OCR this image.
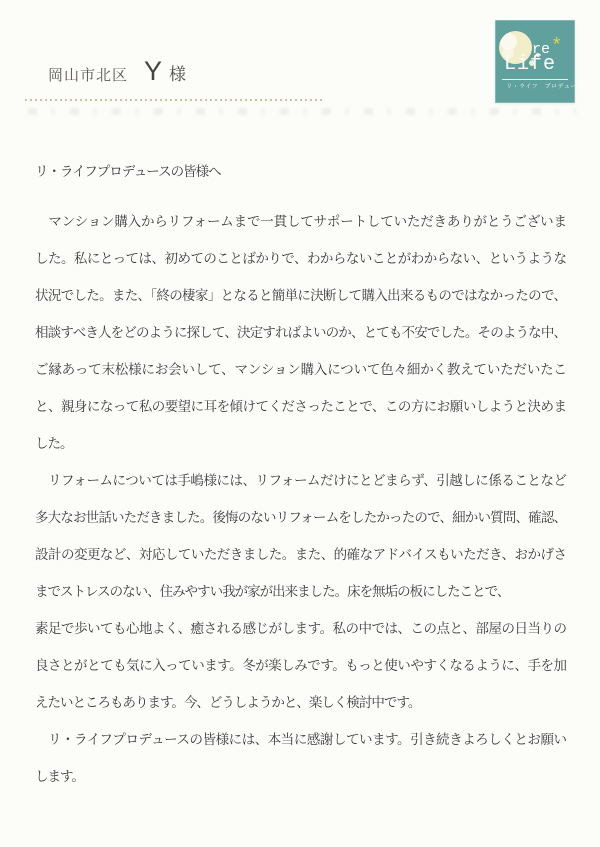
岡山市北区 Y 様
re*
Life
リ・ライフ　プロデュース
リ・ライフプロデュースの皆様へ
　マンション購入からリフォームまで一貫してサポートしていただきありがとうございま
した。私にとっては、初めてのことばかりで、わからないことがわからない、というような
状況でした。また、「終の棲家」となると簡単に決断して購入出来るものではなかったので、
相談すべき人をどのように探して、決定すればよいのか、とても不安でした。そのような中、
ご縁あって末松様にお会いして、マンション購入について色々細かく教えていただいたこ
と、親身になって私の要望に耳を傾けてくださったことで、この方にお願いしようと決めま
した。
　リフォームについては手嶋様には、リフォームだけにとどまらず、引越しに係ることなど
多大なお世話いただきました。後悔のないリフォームをしたかったので、細かい質問、確認、
設計の変更など、対応していただきました。また、的確なアドバイスもいただき、おかげさ
までストレスのない、住みやすい我が家が出来ました。床を無垢の板にしたことで、
素足で歩いても心地よく、癒される感じがします。私の中では、この点と、部屋の日当りの
良さとがとても気に入っています。冬が楽しみです。もっと使いやすくなるように、手を加
えたいところもあります。今、どうしようかと、楽しく検討中です。
　リ・ライフプロデュースの皆様には、本当に感謝しています。引き続きよろしくとお願い
します。
